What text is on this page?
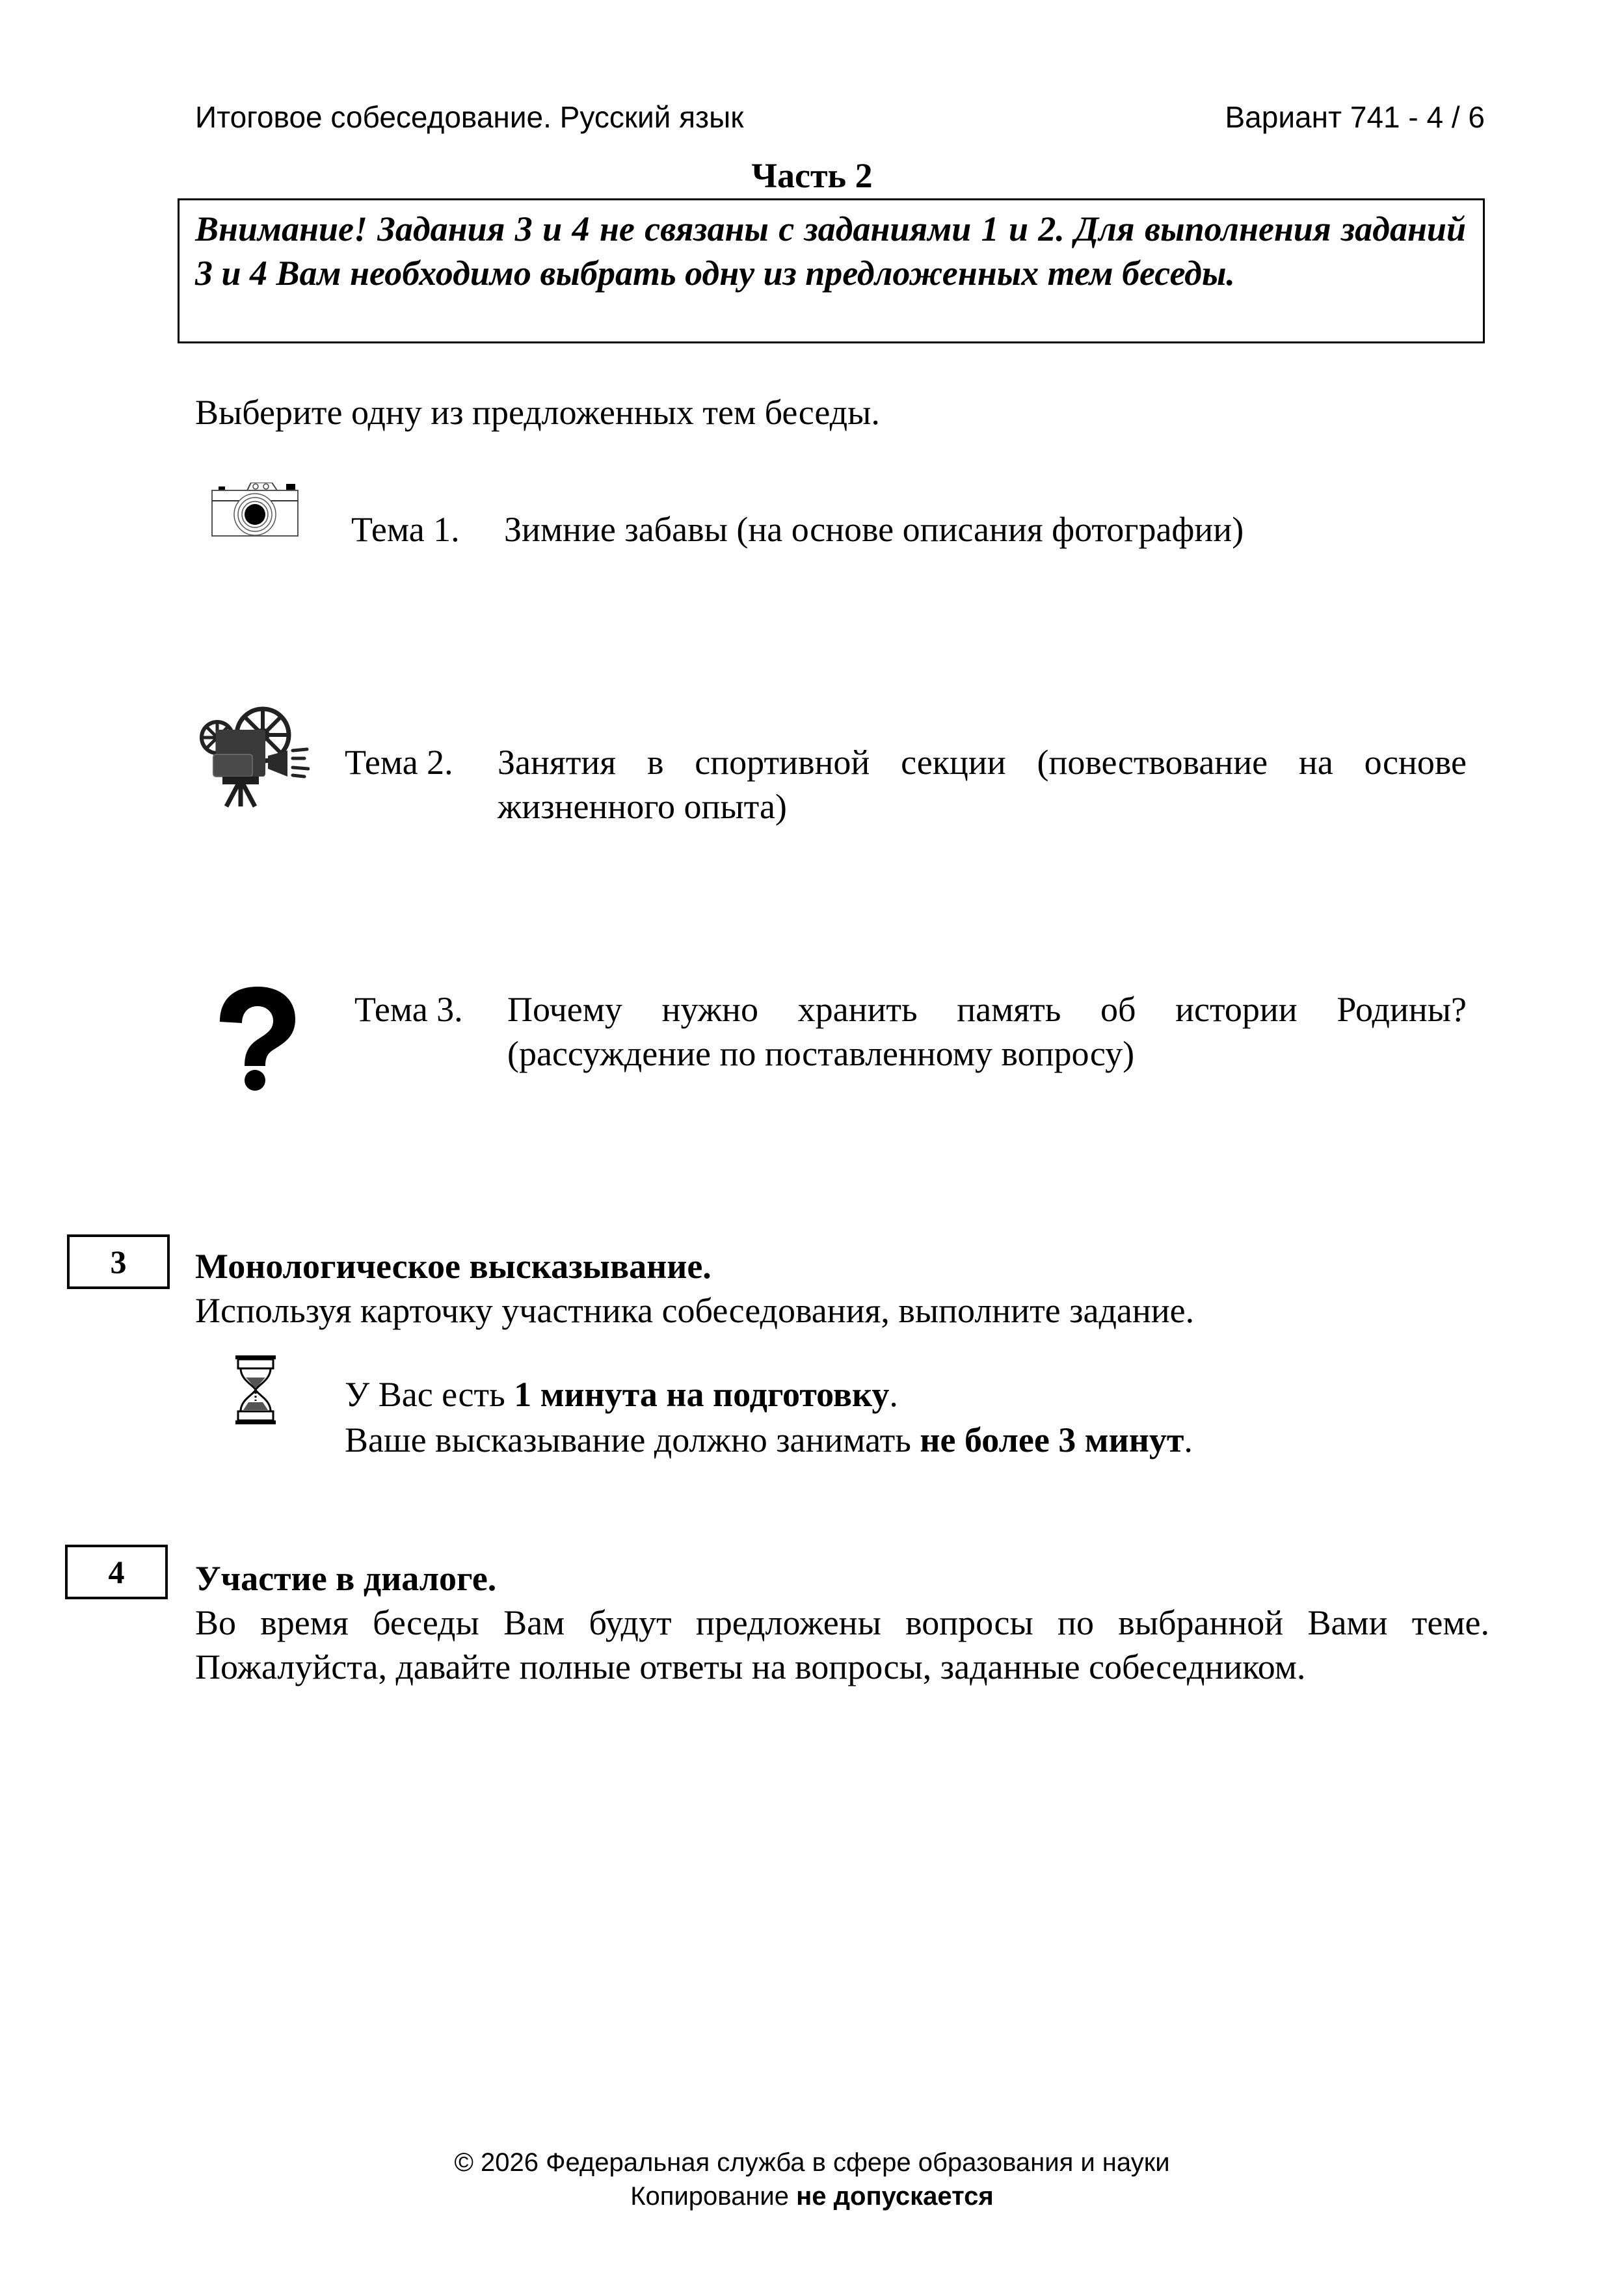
Итоговое собеседование. Русский язык	Вариант 741 - 4 / 6
Часть 2
Внимание! Задания 3 и 4 не связаны с заданиями 1 и 2. Для выполнения заданий 3 и 4 Вам необходимо выбрать одну из предложенных тем беседы.
Выберите одну из предложенных тем беседы.
Тема 1. Зимние забавы (на основе описания фотографии)
Тема 2. Занятия в спортивной секции (повествование на основе жизненного опыта)
Тема 3. Почему нужно хранить память об истории Родины? (рассуждение по поставленному вопросу)
3 Монологическое высказывание.
Используя карточку участника собеседования, выполните задание.
У Вас есть 1 минута на подготовку.
Ваше высказывание должно занимать не более 3 минут.
4 Участие в диалоге.
Во время беседы Вам будут предложены вопросы по выбранной Вами теме. Пожалуйста, давайте полные ответы на вопросы, заданные собеседником.
© 2026 Федеральная служба в сфере образования и науки
Копирование не допускается
